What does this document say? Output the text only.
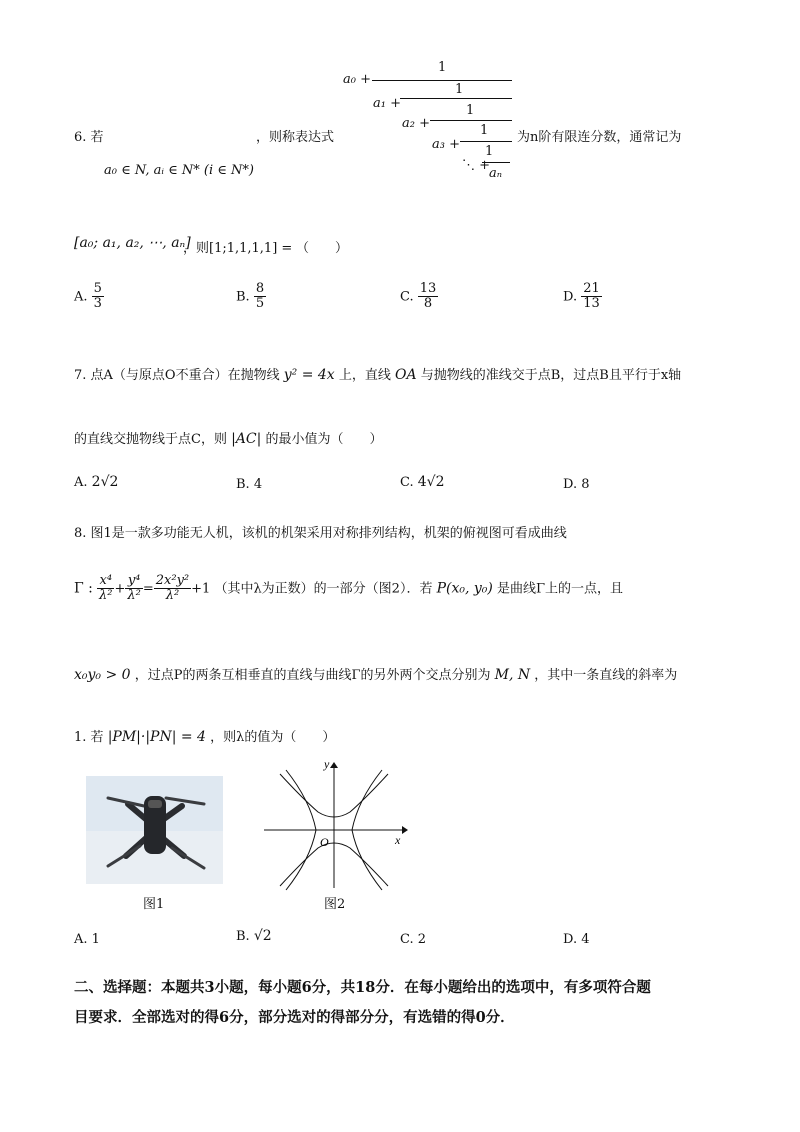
a₀ +
1
1
a₁ +	1
a₂ +	1
a₃ + 1
⋱ +
aₙ
6. 若	，则称表达式	为n阶有限连分数，通常记为
a₀ ∈ N, aᵢ ∈ N* (i ∈ N*)
[a₀; a₁, a₂, ⋯, aₙ]
，则[1;1,1,1,1] = （　　）
A. $\frac{5}{3}$	B. $\frac{8}{5}$	C. $\frac{13}{8}$	D. $\frac{21}{13}$
7. 点A（与原点O不重合）在抛物线 y² = 4x 上，直线 OA 与抛物线的准线交于点B，过点B且平行于x轴
的直线交抛物线于点C，则 |AC| 的最小值为（　　）
A. 2√2	B. 4	C. 4√2	D. 8
8. 图1是一款多功能无人机，该机的机架采用对称排列结构，机架的俯视图可看成曲线
Γ : $\frac{\text{x⁴}}{\text{λ²}} + \frac{\text{y⁴}}{\text{λ²}} = \frac{\text{2x²y²}}{\text{λ²}} +1$ （其中λ为正数）的一部分（图2）．若 P(x₀, y₀) 是曲线Γ上的一点，且
x₀y₀ > 0 ，过点P的两条互相垂直的直线与曲线Γ的另外两个交点分别为 M, N ，其中一条直线的斜率为
1. 若 |PM|·|PN| = 4 ，则λ的值为（　　）
图1
y
x
O
图2
A. 1	B. √2	C. 2	D. 4
二、选择题：本题共3小题，每小题6分，共18分．在每小题给出的选项中，有多项符合题
目要求．全部选对的得6分，部分选对的得部分分，有选错的得0分．
